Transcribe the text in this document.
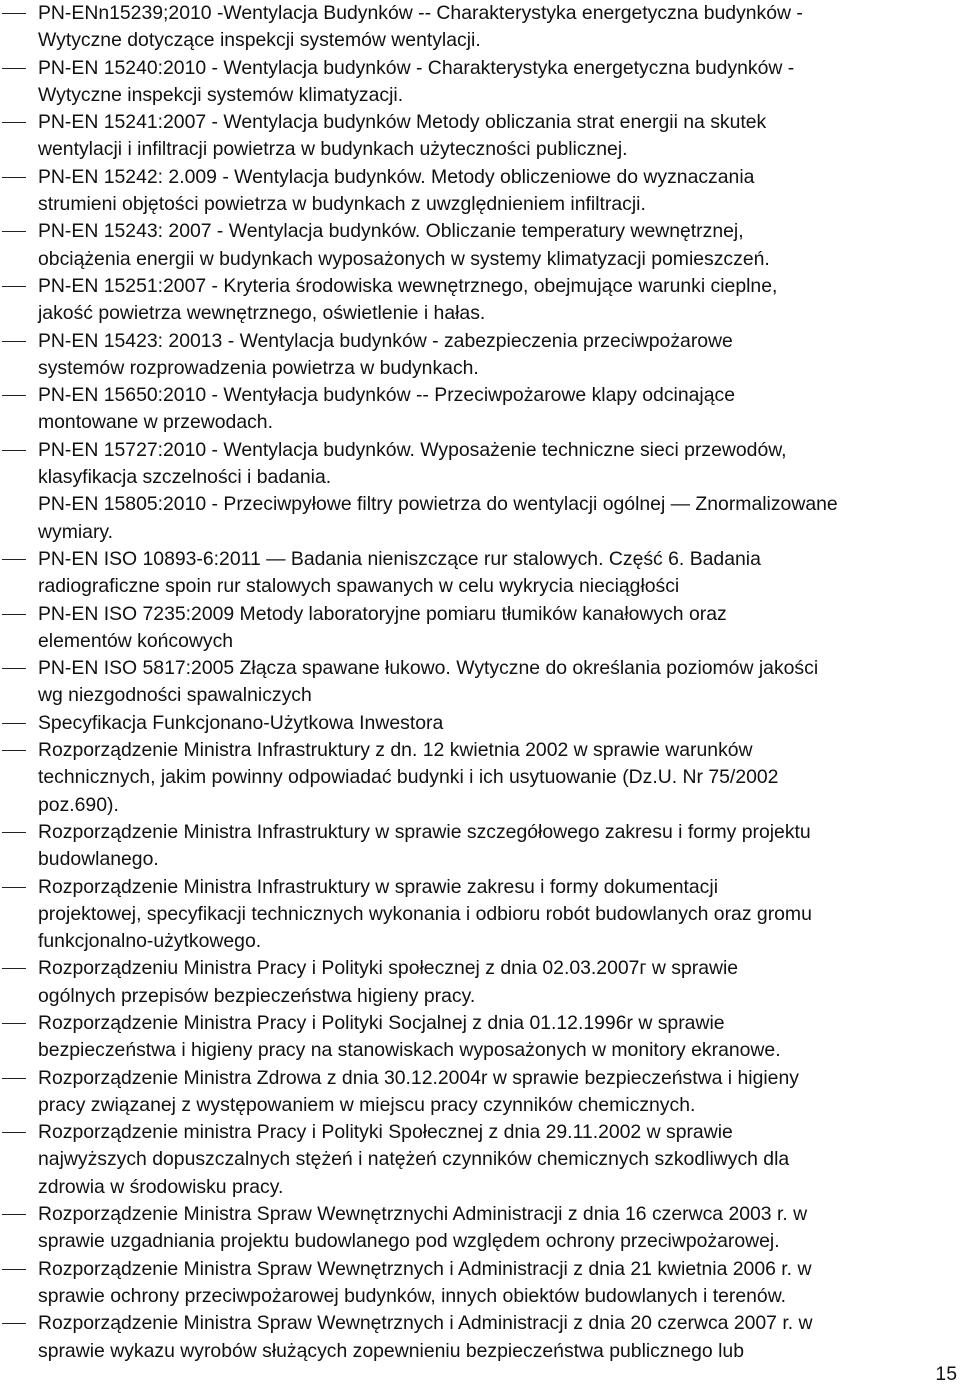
PN-ENn15239;2010 -Wentylacja Budynków -- Charakterystyka energetyczna budynków -
Wytyczne dotyczące inspekcji systemów wentylacji.
PN-EN 15240:2010 - Wentylacja budynków - Charakterystyka energetyczna budynków -
Wytyczne inspekcji systemów klimatyzacji.
PN-EN 15241:2007 - Wentylacja budynków Metody obliczania strat energii na skutek
wentylacji i infiltracji powietrza w budynkach użyteczności publicznej.
PN-EN 15242: 2.009 - Wentylacja budynków. Metody obliczeniowe do wyznaczania
strumieni objętości powietrza w budynkach z uwzględnieniem infiltracji.
PN-EN 15243: 2007 - Wentylacja budynków. Obliczanie temperatury wewnętrznej,
obciążenia energii w budynkach wyposażonych w systemy klimatyzacji pomieszczeń.
PN-EN 15251:2007 - Kryteria środowiska wewnętrznego, obejmujące warunki cieplne,
jakość powietrza wewnętrznego, oświetlenie i hałas.
PN-EN 15423: 20013 - Wentylacja budynków - zabezpieczenia przeciwpożarowe
systemów rozprowadzenia powietrza w budynkach.
PN-EN 15650:2010 - Wentyłacja budynków -- Przeciwpożarowe klapy odcinające
montowane w przewodach.
PN-EN 15727:2010 - Wentylacja budynków. Wyposażenie techniczne sieci przewodów,
klasyfikacja szczelności i badania.
PN-EN 15805:2010 - Przeciwpyłowe filtry powietrza do wentylacji ogólnej — Znormalizowane
wymiary.
PN-EN ISO 10893-6:2011 — Badania nieniszczące rur stalowych. Część 6. Badania
radiograficzne spoin rur stalowych spawanych w celu wykrycia nieciągłości
PN-EN ISO 7235:2009 Metody laboratoryjne pomiaru tłumików kanałowych oraz
elementów końcowych
PN-EN ISO 5817:2005 Złącza spawane łukowo. Wytyczne do określania poziomów jakości
wg niezgodności spawalniczych
Specyfikacja Funkcjonano-Użytkowa Inwestora
Rozporządzenie Ministra Infrastruktury z dn. 12 kwietnia 2002 w sprawie warunków
technicznych, jakim powinny odpowiadać budynki i ich usytuowanie (Dz.U. Nr 75/2002
poz.690).
Rozporządzenie Ministra Infrastruktury w sprawie szczegółowego zakresu i formy projektu
budowlanego.
Rozporządzenie Ministra Infrastruktury w sprawie zakresu i formy dokumentacji
projektowej, specyfikacji technicznych wykonania i odbioru robót budowlanych oraz gromu
funkcjonalno-użytkowego.
Rozporządzeniu Ministra Pracy i Polityki społecznej z dnia 02.03.2007г w sprawie
ogólnych przepisów bezpieczeństwa higieny pracy.
Rozporządzenie Ministra Pracy i Polityki Socjalnej z dnia 01.12.1996r w sprawie
bezpieczeństwa i higieny pracy na stanowiskach wyposażonych w monitory ekranowe.
Rozporządzenie Ministra Zdrowa z dnia 30.12.2004r w sprawie bezpieczeństwa i higieny
pracy związanej z występowaniem w miejscu pracy czynników chemicznych.
Rozporządzenie ministra Pracy i Polityki Społecznej z dnia 29.11.2002 w sprawie
najwyższych dopuszczalnych stężeń i natężeń czynników chemicznych szkodliwych dla
zdrowia w środowisku pracy.
Rozporządzenie Ministra Spraw Wewnętrznychi Administracji z dnia 16 czerwca 2003 r. w
sprawie uzgadniania projektu budowlanego pod względem ochrony przeciwpożarowej.
Rozporządzenie Ministra Spraw Wewnętrznych i Administracji z dnia 21 kwietnia 2006 r. w
sprawie ochrony przeciwpożarowej budynków, innych obiektów budowlanych i terenów.
Rozporządzenie Ministra Spraw Wewnętrznych i Administracji z dnia 20 czerwca 2007 r. w
sprawie wykazu wyrobów służących zopewnieniu bezpieczeństwa publicznego lub
15
